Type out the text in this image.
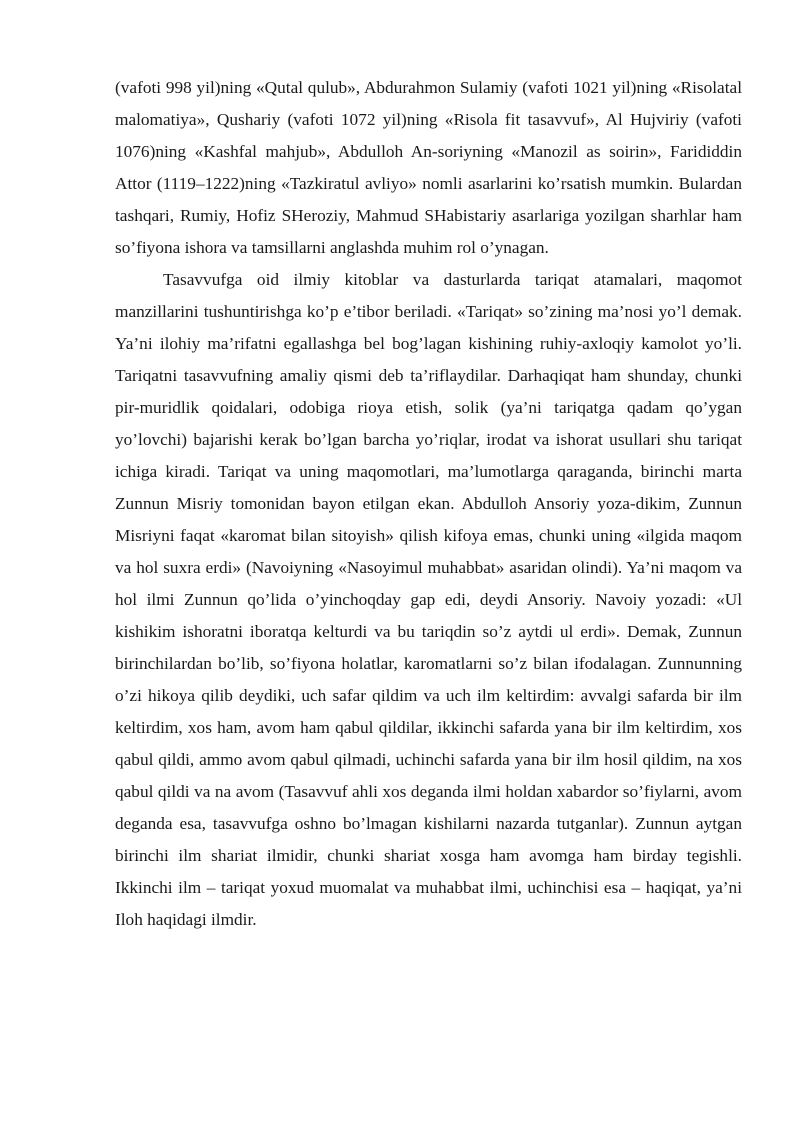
(vafoti 998 yil)ning «Qutal qulub», Abdurahmon Sulamiy (vafoti 1021 yil)ning «Risolatal malomatiya», Qushariy (vafoti 1072 yil)ning «Risola fit tasavvuf», Al Hujviriy (vafoti 1076)ning «Kashfal mahjub», Abdulloh An-soriyning «Manozil as soirin», Farididdin Attor (1119–1222)ning «Tazkiratul avliyo» nomli asarlarini ko’rsatish mumkin. Bulardan tashqari, Rumiy, Hofiz SHeroziy, Mahmud SHabistariy asarlariga yozilgan sharhlar ham so’fiyona ishora va tamsillarni anglashda muhim rol o’ynagan.

Tasavvufga oid ilmiy kitoblar va dasturlarda tariqat atamalari, maqomot manzillarini tushuntirishga ko’p e’tibor beriladi. «Tariqat» so’zining ma’nosi yo’l demak. Ya’ni ilohiy ma’rifatni egallashga bel bog’lagan kishining ruhiy-axloqiy kamolot yo’li. Tariqatni tasavvufning amaliy qismi deb ta’riflaydilar. Darhaqiqat ham shunday, chunki pir-muridlik qoidalari, odobiga rioya etish, solik (ya’ni tariqatga qadam qo’ygan yo’lovchi) bajarishi kerak bo’lgan barcha yo’riqlar, irodat va ishorat usullari shu tariqat ichiga kiradi. Tariqat va uning maqomotlari, ma’lumotlarga qaraganda, birinchi marta Zunnun Misriy tomonidan bayon etilgan ekan. Abdulloh Ansoriy yoza-dikim, Zunnun Misriyni faqat «karomat bilan sitoyish» qilish kifoya emas, chunki uning «ilgida maqom va hol suxra erdi» (Navoiyning «Nasoyimul muhabbat» asaridan olindi). Ya’ni maqom va hol ilmi Zunnun qo’lida o’yinchoqday gap edi, deydi Ansoriy. Navoiy yozadi: «Ul kishikim ishoratni iboratqa kelturdi va bu tariqdin so’z aytdi ul erdi». Demak, Zunnun birinchilardan bo’lib, so’fiyona holatlar, karomatlarni so’z bilan ifodalagan. Zunnunning o’zi hikoya qilib deydiki, uch safar qildim va uch ilm keltirdim: avvalgi safarda bir ilm keltirdim, xos ham, avom ham qabul qildilar, ikkinchi safarda yana bir ilm keltirdim, xos qabul qildi, ammo avom qabul qilmadi, uchinchi safarda yana bir ilm hosil qildim, na xos qabul qildi va na avom (Tasavvuf ahli xos deganda ilmi holdan xabardor so’fiylarni, avom deganda esa, tasavvufga oshno bo’lmagan kishilarni nazarda tutganlar). Zunnun aytgan birinchi ilm shariat ilmidir, chunki shariat xosga ham avomga ham birday tegishli. Ikkinchi ilm – tariqat yoxud muomalat va muhabbat ilmi, uchinchisi esa – haqiqat, ya’ni Iloh haqidagi ilmdir.
